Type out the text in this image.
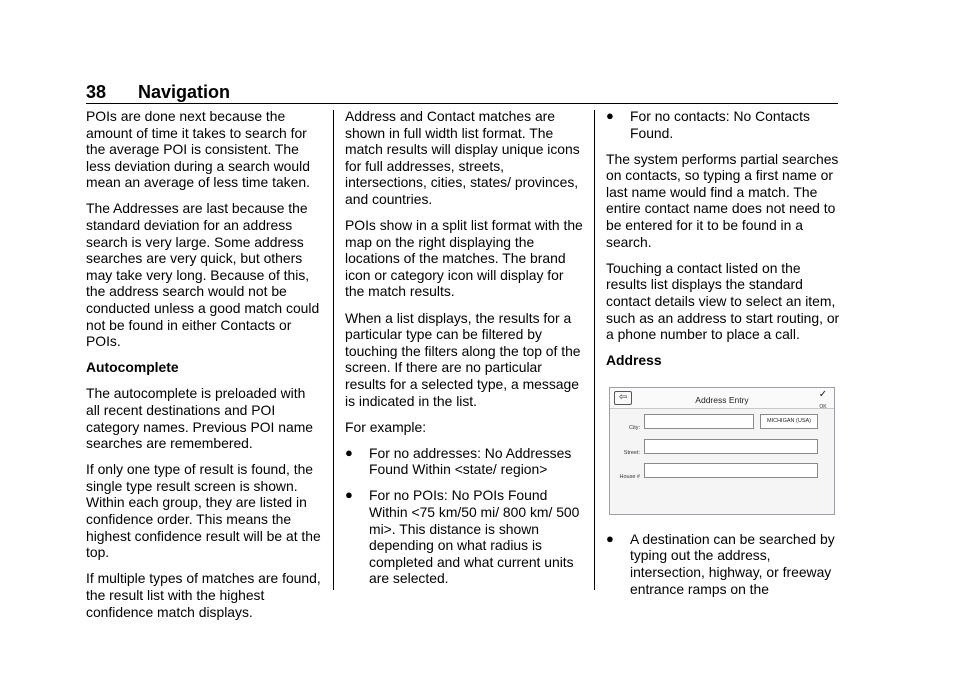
38 Navigation

POIs are done next because the amount of time it takes to search for the average POI is consistent. The less deviation during a search would mean an average of less time taken.

The Addresses are last because the standard deviation for an address search is very large. Some address searches are very quick, but others may take very long. Because of this, the address search would not be conducted unless a good match could not be found in either Contacts or POIs.

Autocomplete

The autocomplete is preloaded with all recent destinations and POI category names. Previous POI name searches are remembered.

If only one type of result is found, the single type result screen is shown. Within each group, they are listed in confidence order. This means the highest confidence result will be at the top.

If multiple types of matches are found, the result list with the highest confidence match displays.

Address and Contact matches are shown in full width list format. The match results will display unique icons for full addresses, streets, intersections, cities, states/ provinces, and countries.

POIs show in a split list format with the map on the right displaying the locations of the matches. The brand icon or category icon will display for the match results.

When a list displays, the results for a particular type can be filtered by touching the filters along the top of the screen. If there are no particular results for a selected type, a message is indicated in the list.

For example:

● For no addresses: No Addresses Found Within <state/ region>
● For no POIs: No POIs Found Within <75 km/50 mi/ 800 km/ 500 mi>. This distance is shown depending on what radius is completed and what current units are selected.
● For no contacts: No Contacts Found.

The system performs partial searches on contacts, so typing a first name or last name would find a match. The entire contact name does not need to be entered for it to be found in a search.

Touching a contact listed on the results list displays the standard contact details view to select an item, such as an address to start routing, or a phone number to place a call.

Address

⇦	Address Entry	✓
OK
City:
MICHIGAN (USA)
Street:
House #
● A destination can be searched by typing out the address, intersection, highway, or freeway entrance ramps on the
